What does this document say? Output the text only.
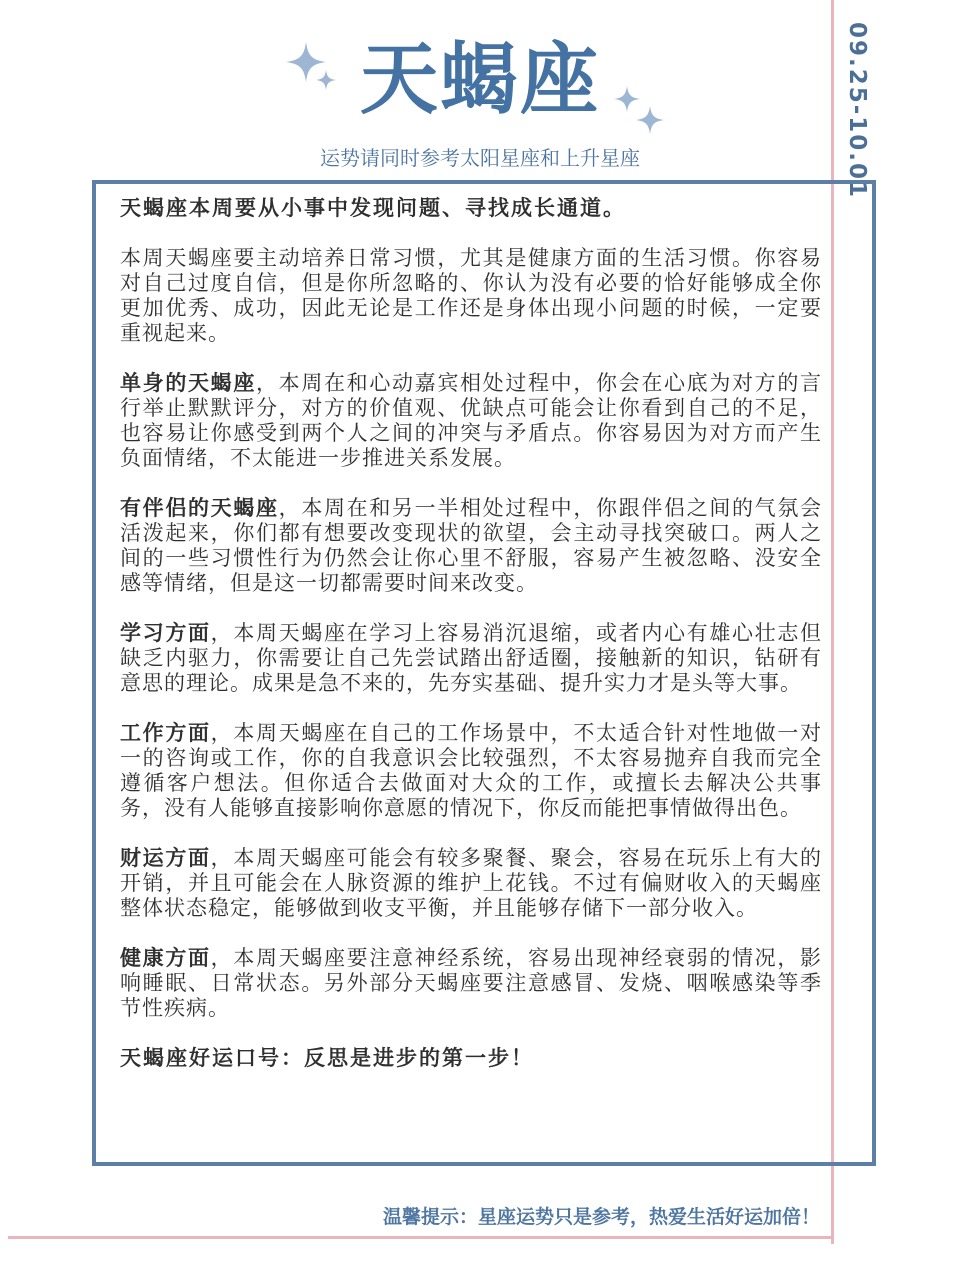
09.25-10.01
天蝎座
运势请同时参考太阳星座和上升星座

天蝎座本周要从小事中发现问题、寻找成长通道。

本周天蝎座要主动培养日常习惯，尤其是健康方面的生活习惯。你容易对自己过度自信，但是你所忽略的、你认为没有必要的恰好能够成全你更加优秀、成功，因此无论是工作还是身体出现小问题的时候，一定要重视起来。

单身的天蝎座，本周在和心动嘉宾相处过程中，你会在心底为对方的言行举止默默评分，对方的价值观、优缺点可能会让你看到自己的不足，也容易让你感受到两个人之间的冲突与矛盾点。你容易因为对方而产生负面情绪，不太能进一步推进关系发展。

有伴侣的天蝎座，本周在和另一半相处过程中，你跟伴侣之间的气氛会活泼起来，你们都有想要改变现状的欲望，会主动寻找突破口。两人之间的一些习惯性行为仍然会让你心里不舒服，容易产生被忽略、没安全感等情绪，但是这一切都需要时间来改变。

学习方面，本周天蝎座在学习上容易消沉退缩，或者内心有雄心壮志但缺乏内驱力，你需要让自己先尝试踏出舒适圈，接触新的知识，钻研有意思的理论。成果是急不来的，先夯实基础、提升实力才是头等大事。

工作方面，本周天蝎座在自己的工作场景中，不太适合针对性地做一对一的咨询或工作，你的自我意识会比较强烈，不太容易抛弃自我而完全遵循客户想法。但你适合去做面对大众的工作，或擅长去解决公共事务，没有人能够直接影响你意愿的情况下，你反而能把事情做得出色。

财运方面，本周天蝎座可能会有较多聚餐、聚会，容易在玩乐上有大的开销，并且可能会在人脉资源的维护上花钱。不过有偏财收入的天蝎座整体状态稳定，能够做到收支平衡，并且能够存储下一部分收入。

健康方面，本周天蝎座要注意神经系统，容易出现神经衰弱的情况，影响睡眠、日常状态。另外部分天蝎座要注意感冒、发烧、咽喉感染等季节性疾病。

天蝎座好运口号：反思是进步的第一步！

温馨提示：星座运势只是参考，热爱生活好运加倍！
